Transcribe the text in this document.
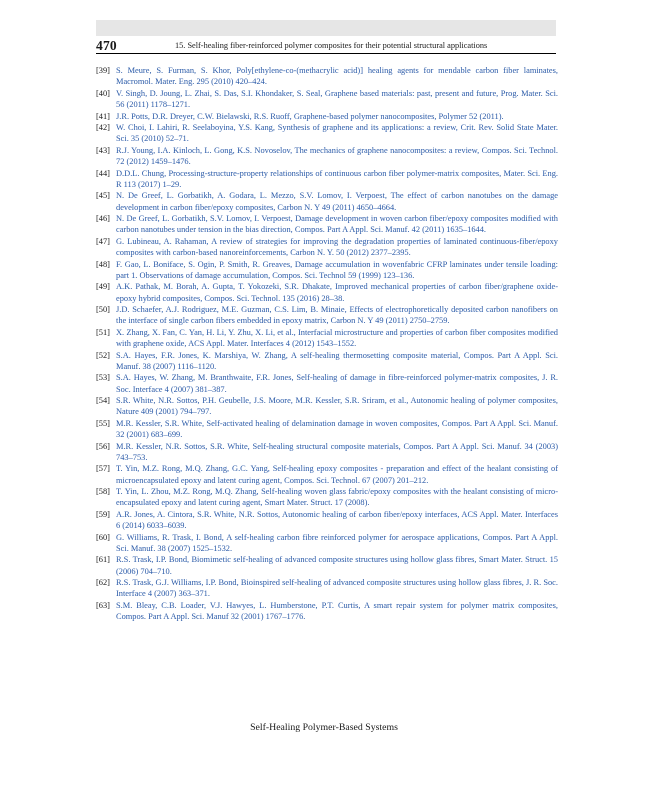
470	15. Self-healing fiber-reinforced polymer composites for their potential structural applications
[39] S. Meure, S. Furman, S. Khor, Poly[ethylene-co-(methacrylic acid)] healing agents for mendable carbon fiber laminates, Macromol. Mater. Eng. 295 (2010) 420–424.
[40] V. Singh, D. Joung, L. Zhai, S. Das, S.I. Khondaker, S. Seal, Graphene based materials: past, present and future, Prog. Mater. Sci. 56 (2011) 1178–1271.
[41] J.R. Potts, D.R. Dreyer, C.W. Bielawski, R.S. Ruoff, Graphene-based polymer nanocomposites, Polymer 52 (2011).
[42] W. Choi, I. Lahiri, R. Seelaboyina, Y.S. Kang, Synthesis of graphene and its applications: a review, Crit. Rev. Solid State Mater. Sci. 35 (2010) 52–71.
[43] R.J. Young, I.A. Kinloch, L. Gong, K.S. Novoselov, The mechanics of graphene nanocomposites: a review, Compos. Sci. Technol. 72 (2012) 1459–1476.
[44] D.D.L. Chung, Processing-structure-property relationships of continuous carbon fiber polymer-matrix composites, Mater. Sci. Eng. R 113 (2017) 1–29.
[45] N. De Greef, L. Gorbatikh, A. Godara, L. Mezzo, S.V. Lomov, I. Verpoest, The effect of carbon nanotubes on the damage development in carbon fiber/epoxy composites, Carbon N. Y 49 (2011) 4650–4664.
[46] N. De Greef, L. Gorbatikh, S.V. Lomov, I. Verpoest, Damage development in woven carbon fiber/epoxy composites modified with carbon nanotubes under tension in the bias direction, Compos. Part A Appl. Sci. Manuf. 42 (2011) 1635–1644.
[47] G. Lubineau, A. Rahaman, A review of strategies for improving the degradation properties of laminated continuous-fiber/epoxy composites with carbon-based nanoreinforcements, Carbon N. Y. 50 (2012) 2377–2395.
[48] F. Gao, L. Boniface, S. Ogin, P. Smith, R. Greaves, Damage accumulation in wovenfabric CFRP laminates under tensile loading: part 1. Observations of damage accumulation, Compos. Sci. Technol 59 (1999) 123–136.
[49] A.K. Pathak, M. Borah, A. Gupta, T. Yokozeki, S.R. Dhakate, Improved mechanical properties of carbon fiber/graphene oxide-epoxy hybrid composites, Compos. Sci. Technol. 135 (2016) 28–38.
[50] J.D. Schaefer, A.J. Rodriguez, M.E. Guzman, C.S. Lim, B. Minaie, Effects of electrophoretically deposited carbon nanofibers on the interface of single carbon fibers embedded in epoxy matrix, Carbon N. Y 49 (2011) 2750–2759.
[51] X. Zhang, X. Fan, C. Yan, H. Li, Y. Zhu, X. Li, et al., Interfacial microstructure and properties of carbon fiber composites modified with graphene oxide, ACS Appl. Mater. Interfaces 4 (2012) 1543–1552.
[52] S.A. Hayes, F.R. Jones, K. Marshiya, W. Zhang, A self-healing thermosetting composite material, Compos. Part A Appl. Sci. Manuf. 38 (2007) 1116–1120.
[53] S.A. Hayes, W. Zhang, M. Branthwaite, F.R. Jones, Self-healing of damage in fibre-reinforced polymer-matrix composites, J. R. Soc. Interface 4 (2007) 381–387.
[54] S.R. White, N.R. Sottos, P.H. Geubelle, J.S. Moore, M.R. Kessler, S.R. Sriram, et al., Autonomic healing of polymer composites, Nature 409 (2001) 794–797.
[55] M.R. Kessler, S.R. White, Self-activated healing of delamination damage in woven composites, Compos. Part A Appl. Sci. Manuf. 32 (2001) 683–699.
[56] M.R. Kessler, N.R. Sottos, S.R. White, Self-healing structural composite materials, Compos. Part A Appl. Sci. Manuf. 34 (2003) 743–753.
[57] T. Yin, M.Z. Rong, M.Q. Zhang, G.C. Yang, Self-healing epoxy composites - preparation and effect of the healant consisting of microencapsulated epoxy and latent curing agent, Compos. Sci. Technol. 67 (2007) 201–212.
[58] T. Yin, L. Zhou, M.Z. Rong, M.Q. Zhang, Self-healing woven glass fabric/epoxy composites with the healant consisting of micro-encapsulated epoxy and latent curing agent, Smart Mater. Struct. 17 (2008).
[59] A.R. Jones, A. Cintora, S.R. White, N.R. Sottos, Autonomic healing of carbon fiber/epoxy interfaces, ACS Appl. Mater. Interfaces 6 (2014) 6033–6039.
[60] G. Williams, R. Trask, I. Bond, A self-healing carbon fibre reinforced polymer for aerospace applications, Compos. Part A Appl. Sci. Manuf. 38 (2007) 1525–1532.
[61] R.S. Trask, I.P. Bond, Biomimetic self-healing of advanced composite structures using hollow glass fibres, Smart Mater. Struct. 15 (2006) 704–710.
[62] R.S. Trask, G.J. Williams, I.P. Bond, Bioinspired self-healing of advanced composite structures using hollow glass fibres, J. R. Soc. Interface 4 (2007) 363–371.
[63] S.M. Bleay, C.B. Loader, V.J. Hawyes, L. Humberstone, P.T. Curtis, A smart repair system for polymer matrix composites, Compos. Part A Appl. Sci. Manuf 32 (2001) 1767–1776.
Self-Healing Polymer-Based Systems
